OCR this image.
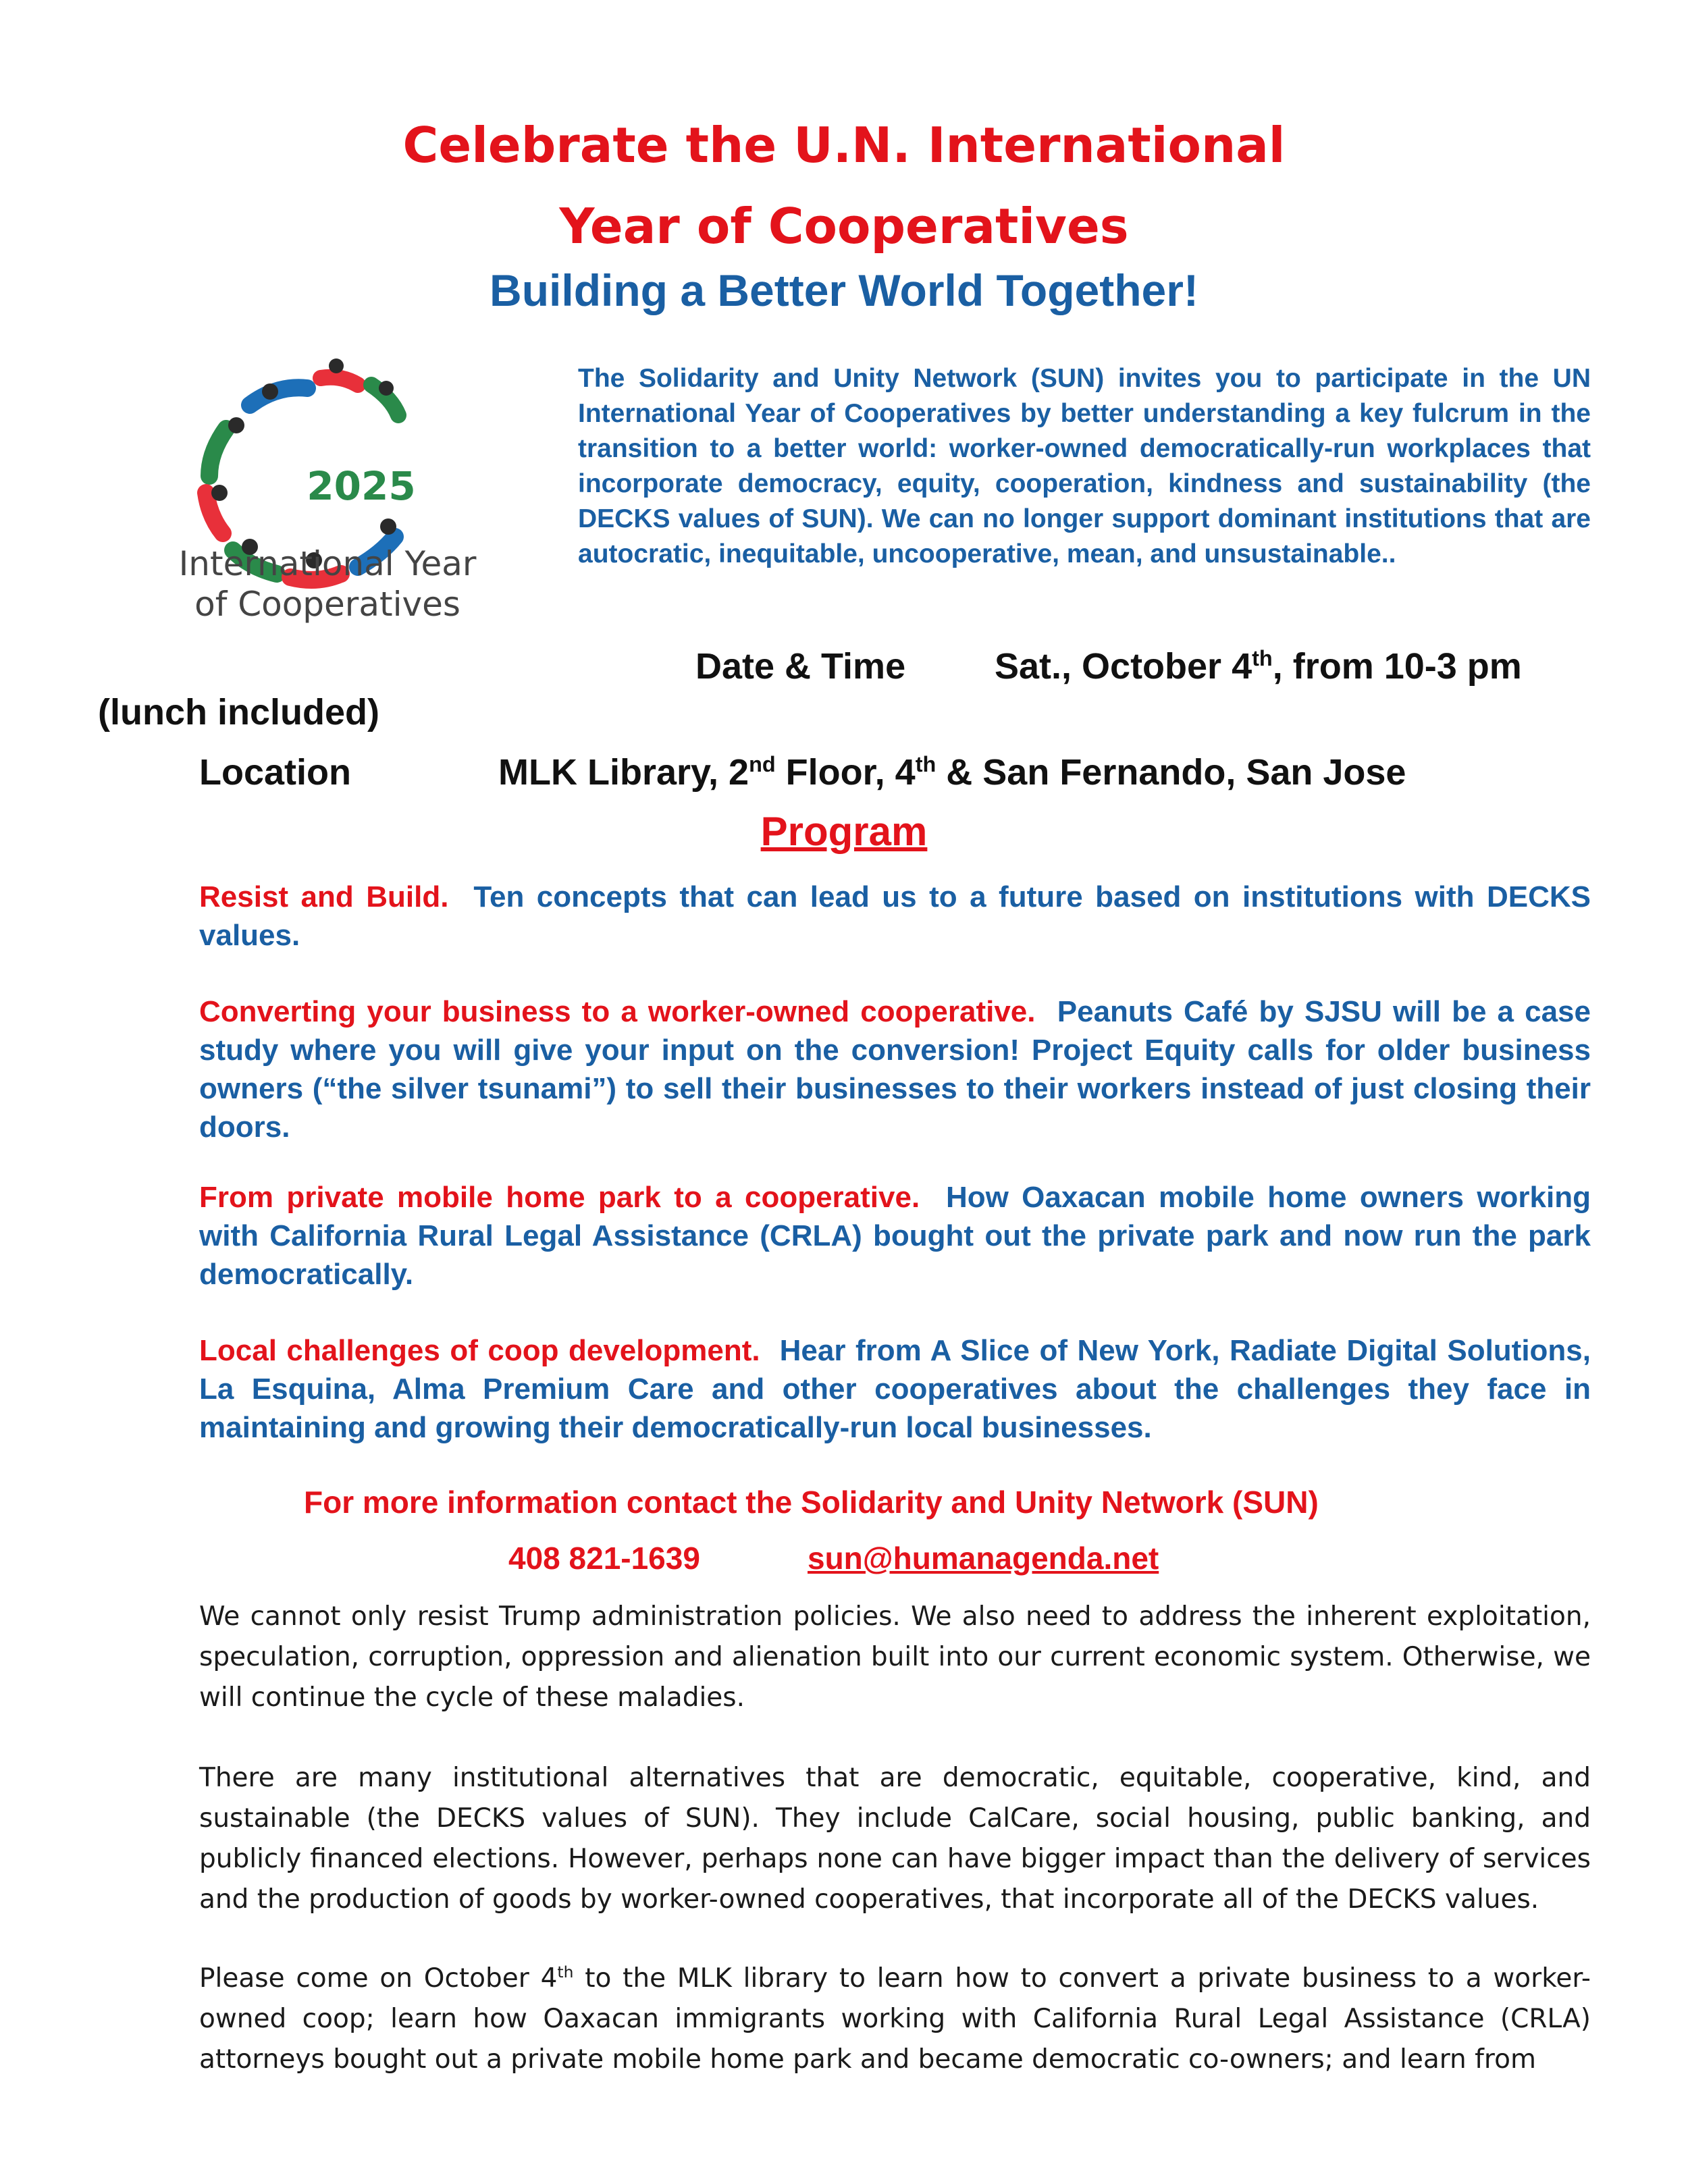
Celebrate the U.N. International
Year of Cooperatives
Building a Better World Together!
2025
International Year
of Cooperatives
The Solidarity and Unity Network (SUN) invites you to participate in the UN International Year of Cooperatives by better understanding a key fulcrum in the transition to a better world: worker-owned democratically-run workplaces that incorporate democracy, equity, cooperation, kindness and sustainability (the DECKS values of SUN). We can no longer support dominant institutions that are autocratic, inequitable, uncooperative, mean, and unsustainable..
Date & Time Sat., October 4th, from 10-3 pm
(lunch included)
Location	MLK Library, 2nd Floor, 4th & San Fernando, San Jose
Program
Resist and Build. Ten concepts that can lead us to a future based on institutions with DECKS values.
Converting your business to a worker-owned cooperative. Peanuts Café by SJSU will be a case study where you will give your input on the conversion! Project Equity calls for older business owners (“the silver tsunami”) to sell their businesses to their workers instead of just closing their doors.
From private mobile home park to a cooperative. How Oaxacan mobile home owners working with California Rural Legal Assistance (CRLA) bought out the private park and now run the park democratically.
Local challenges of coop development. Hear from A Slice of New York, Radiate Digital Solutions, La Esquina, Alma Premium Care and other cooperatives about the challenges they face in maintaining and growing their democratically-run local businesses.
For more information contact the Solidarity and Unity Network (SUN)
408 821-1639	sun@humanagenda.net
We cannot only resist Trump administration policies. We also need to address the inherent exploitation, speculation, corruption, oppression and alienation built into our current economic system. Otherwise, we will continue the cycle of these maladies.
There are many institutional alternatives that are democratic, equitable, cooperative, kind, and sustainable (the DECKS values of SUN). They include CalCare, social housing, public banking, and publicly financed elections. However, perhaps none can have bigger impact than the delivery of services and the production of goods by worker-owned cooperatives, that incorporate all of the DECKS values.
Please come on October 4th to the MLK library to learn how to convert a private business to a worker-owned coop; learn how Oaxacan immigrants working with California Rural Legal Assistance (CRLA) attorneys bought out a private mobile home park and became democratic co-owners; and learn from
